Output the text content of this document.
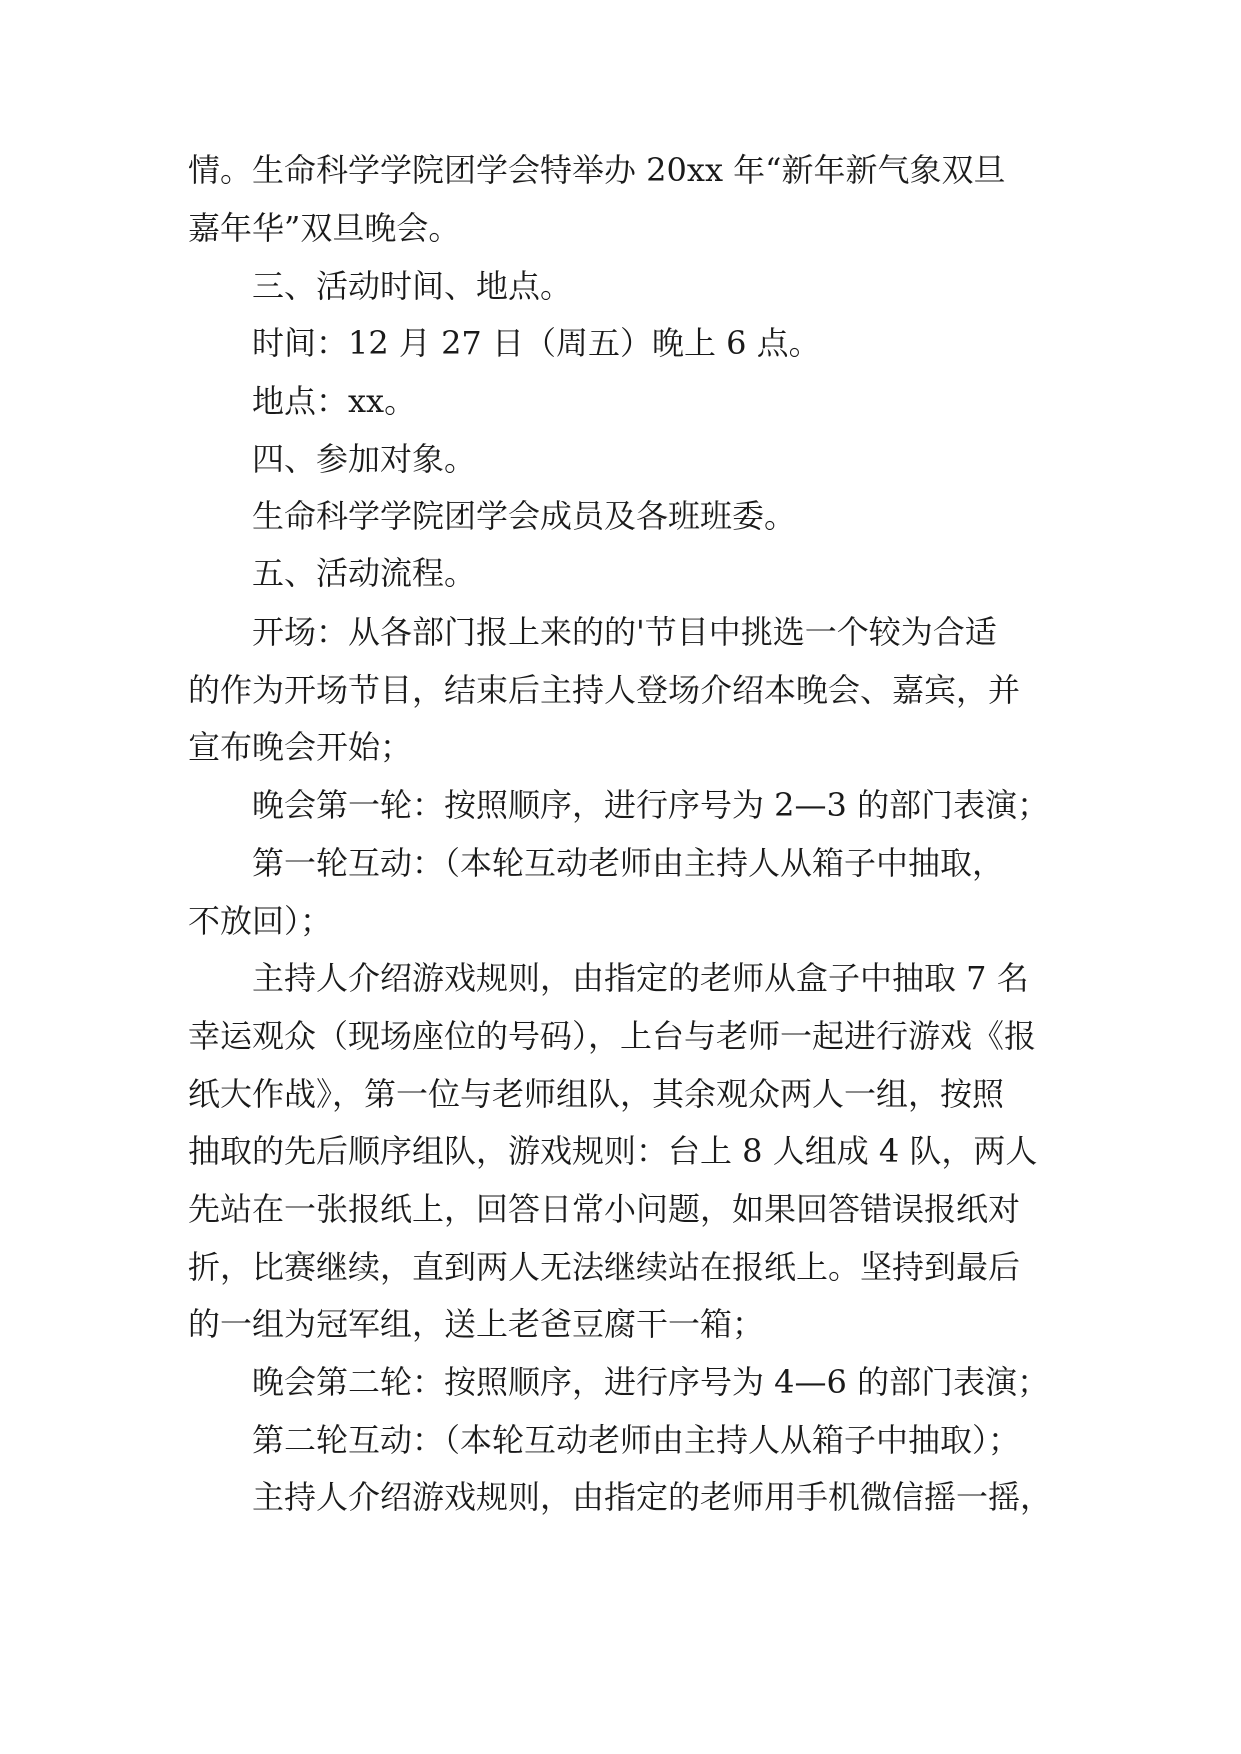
情。生命科学学院团学会特举办 20xx 年“新年新气象双旦
嘉年华”双旦晚会。
三、活动时间、地点。
时间：12 月 27 日（周五）晚上 6 点。
地点：xx。
四、参加对象。
生命科学学院团学会成员及各班班委。
五、活动流程。
开场：从各部门报上来的的'节目中挑选一个较为合适
的作为开场节目，结束后主持人登场介绍本晚会、嘉宾，并
宣布晚会开始；
晚会第一轮：按照顺序，进行序号为 2—3 的部门表演；
第一轮互动：（本轮互动老师由主持人从箱子中抽取，
不放回）；
主持人介绍游戏规则，由指定的老师从盒子中抽取 7 名
幸运观众（现场座位的号码），上台与老师一起进行游戏《报
纸大作战》，第一位与老师组队，其余观众两人一组，按照
抽取的先后顺序组队，游戏规则：台上 8 人组成 4 队，两人
先站在一张报纸上，回答日常小问题，如果回答错误报纸对
折，比赛继续，直到两人无法继续站在报纸上。坚持到最后
的一组为冠军组，送上老爸豆腐干一箱；
晚会第二轮：按照顺序，进行序号为 4—6 的部门表演；
第二轮互动：（本轮互动老师由主持人从箱子中抽取）；
主持人介绍游戏规则，由指定的老师用手机微信摇一摇，
